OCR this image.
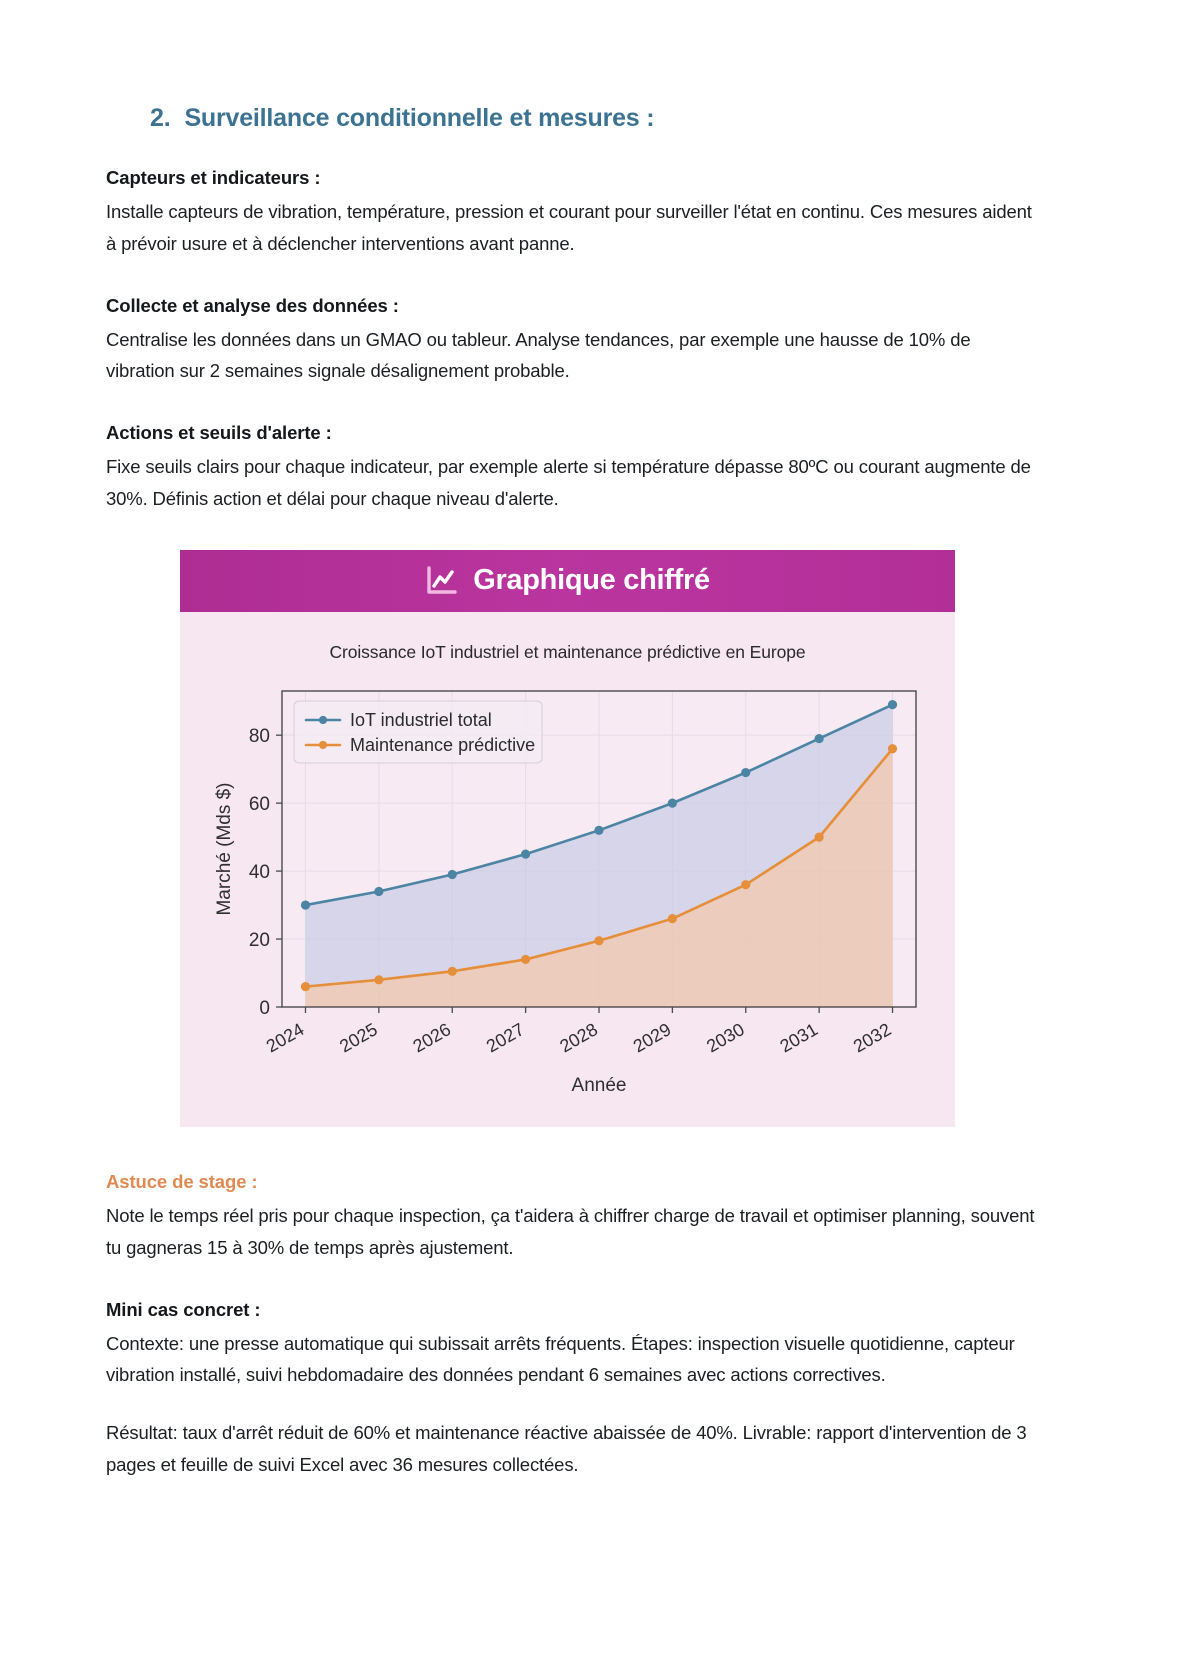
2. Surveillance conditionnelle et mesures :
Capteurs et indicateurs :

Installe capteurs de vibration, température, pression et courant pour surveiller l'état en continu. Ces mesures aident à prévoir usure et à déclencher interventions avant panne.

Collecte et analyse des données :

Centralise les données dans un GMAO ou tableur. Analyse tendances, par exemple une hausse de 10% de vibration sur 2 semaines signale désalignement probable.

Actions et seuils d'alerte :

Fixe seuils clairs pour chaque indicateur, par exemple alerte si température dépasse 80ºC ou courant augmente de 30%. Définis action et délai pour chaque niveau d'alerte.

Graphique chiffré
Croissance IoT industriel et maintenance prédictive en Europe
0
20
40
60
80
2024 2025 2026 2027 2028 2029 2030 2031 2032
Marché (Mds $)
Année
IoT industriel total
Maintenance prédictive
Astuce de stage :

Note le temps réel pris pour chaque inspection, ça t'aidera à chiffrer charge de travail et optimiser planning, souvent tu gagneras 15 à 30% de temps après ajustement.

Mini cas concret :

Contexte: une presse automatique qui subissait arrêts fréquents. Étapes: inspection visuelle quotidienne, capteur vibration installé, suivi hebdomadaire des données pendant 6 semaines avec actions correctives.

Résultat: taux d'arrêt réduit de 60% et maintenance réactive abaissée de 40%. Livrable: rapport d'intervention de 3 pages et feuille de suivi Excel avec 36 mesures collectées.
